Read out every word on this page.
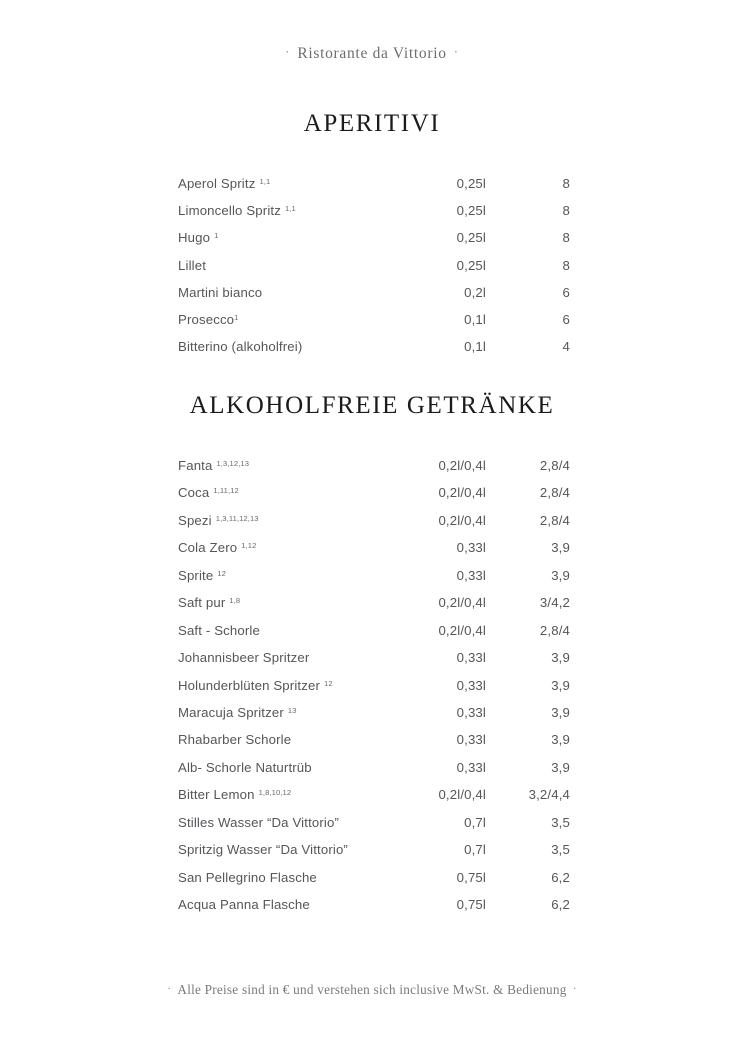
· Ristorante da Vittorio ·
APERITIVI
Aperol Spritz $^{1,1}$	0,25l	8
Limoncello Spritz $^{1,1}$	0,25l	8
Hugo $^1$	0,25l	8
Lillet	0,25l	8
Martini bianco	0,2l	6
Prosecco$^1$	0,1l	6
Bitterino (alkoholfrei)	0,1l	4
ALKOHOLFREIE GETRÄNKE
Fanta $^{1,3,12,13}$	0,2l/0,4l	2,8/4
Coca $^{1,11,12}$	0,2l/0,4l	2,8/4
Spezi $^{1,3,11,12,13}$	0,2l/0,4l	2,8/4
Cola Zero $^{1,12}$	0,33l	3,9
Sprite $^{12}$	0,33l	3,9
Saft pur $^{1,8}$	0,2l/0,4l	3/4,2
Saft - Schorle	0,2l/0,4l	2,8/4
Johannisbeer Spritzer	0,33l	3,9
Holunderblüten Spritzer $^{12}$	0,33l	3,9
Maracuja Spritzer $^{13}$	0,33l	3,9
Rhabarber Schorle	0,33l	3,9
Alb- Schorle Naturtrüb	0,33l	3,9
Bitter Lemon $^{1,8,10,12}$	0,2l/0,4l	3,2/4,4
Stilles Wasser “Da Vittorio”	0,7l	3,5
Spritzig Wasser “Da Vittorio”	0,7l	3,5
San Pellegrino Flasche	0,75l	6,2
Acqua Panna Flasche	0,75l	6,2
· Alle Preise sind in € und verstehen sich inclusive MwSt. & Bedienung ·
